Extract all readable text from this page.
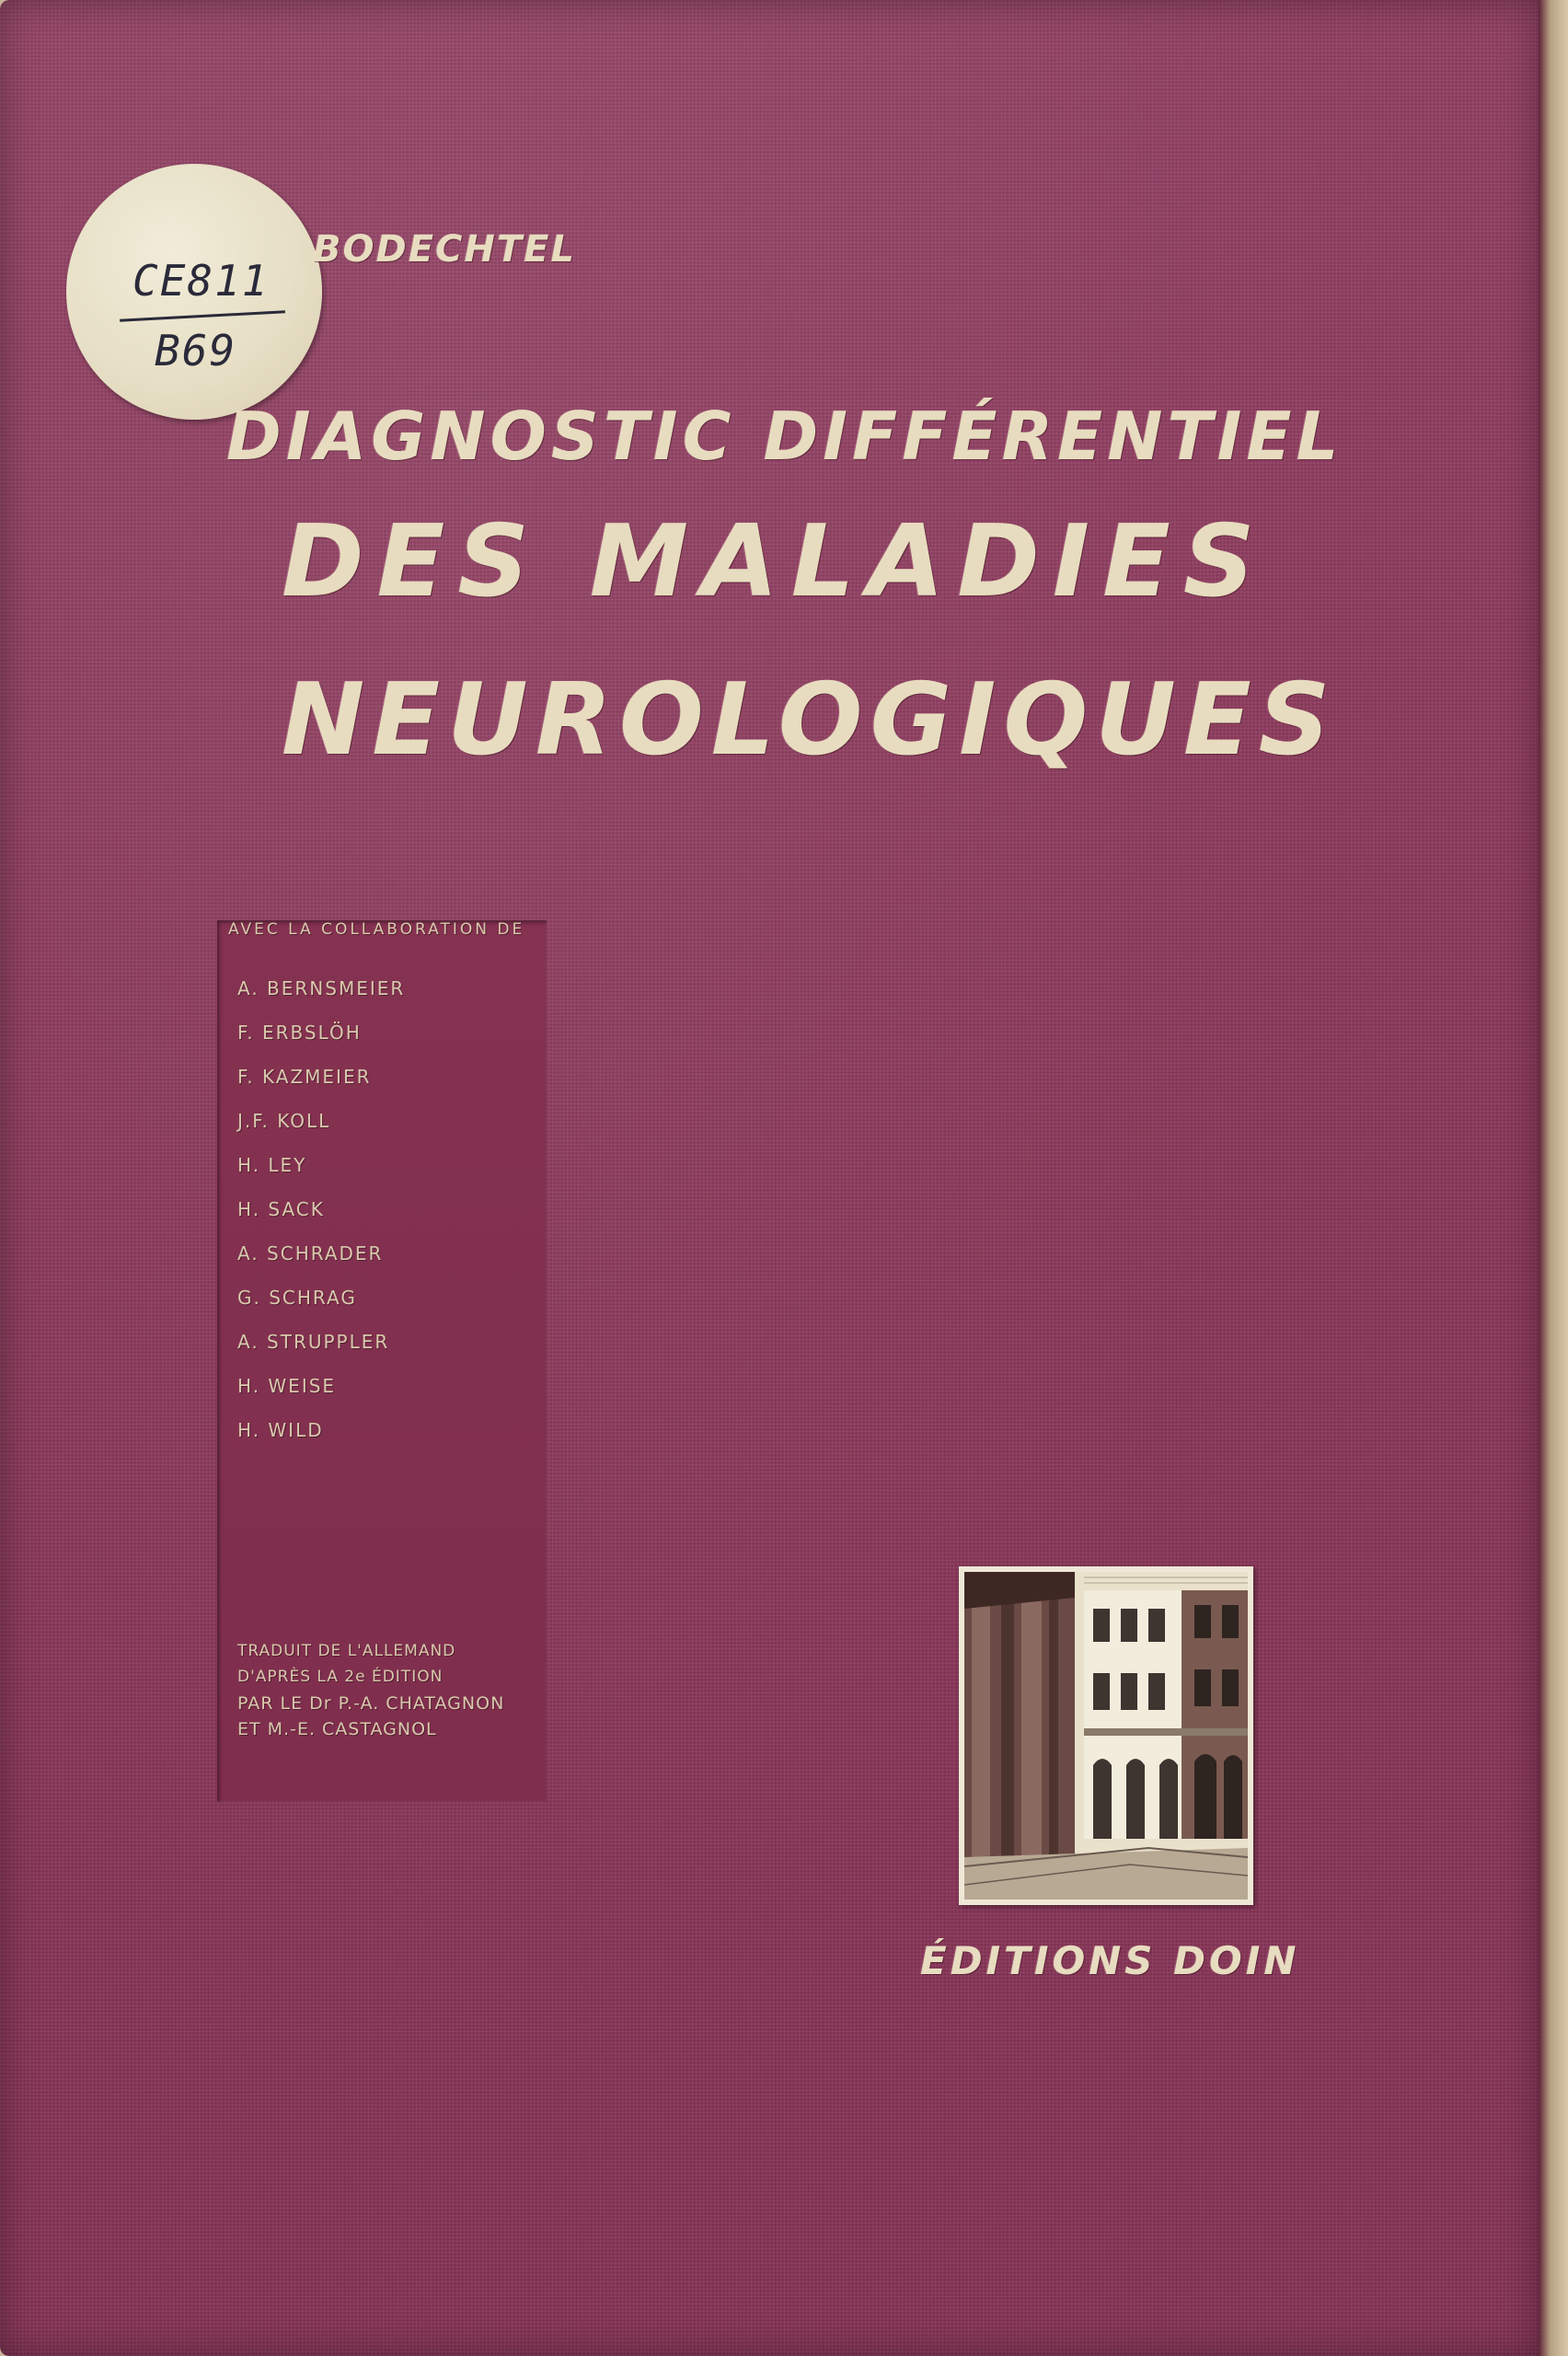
CE811
B69
BODECHTEL
DIAGNOSTIC DIFFÉRENTIEL
DES MALADIES
NEUROLOGIQUES
AVEC LA COLLABORATION DE
A. BERNSMEIER
F. ERBSLÖH
F. KAZMEIER
J.F. KOLL
H. LEY
H. SACK
A. SCHRADER
G. SCHRAG
A. STRUPPLER
H. WEISE
H. WILD
TRADUIT DE L'ALLEMAND
D'APRÈS LA 2e ÉDITION
PAR LE Dr P.-A. CHATAGNON
ET M.-E. CASTAGNOL
ÉDITIONS DOIN
